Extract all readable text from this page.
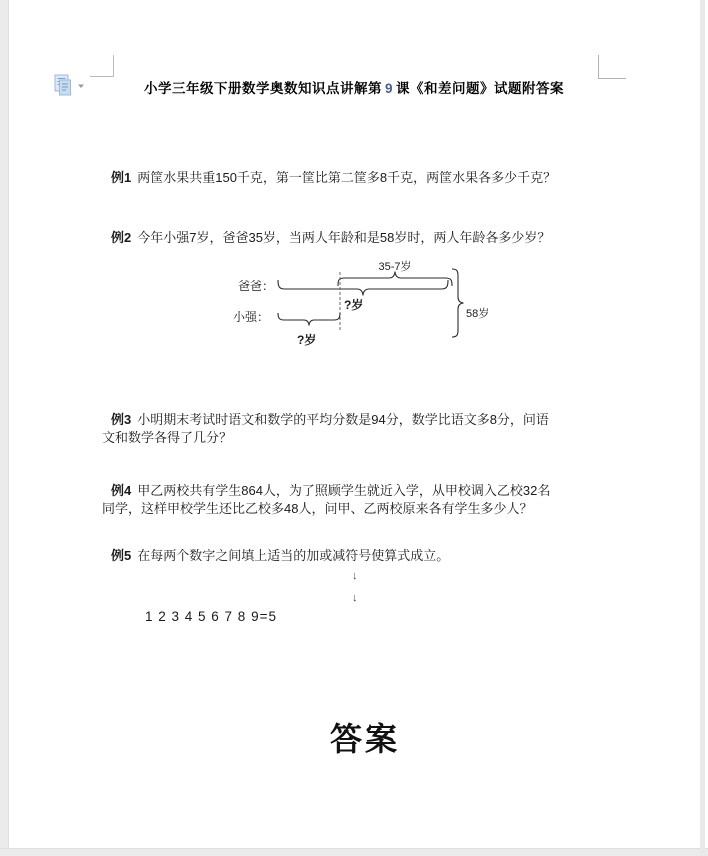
小学三年级下册数学奥数知识点讲解第 9 课《和差问题》试题附答案
例1 两筐水果共重150千克，第一筐比第二筐多8千克，两筐水果各多少千克？
例2 今年小强7岁，爸爸35岁，当两人年龄和是58岁时，两人年龄各多少岁？
35-7岁
爸爸：
小强：
?岁
?岁
58岁
例3 小明期末考试时语文和数学的平均分数是94分，数学比语文多8分，问语
文和数学各得了几分？
例4 甲乙两校共有学生864人，为了照顾学生就近入学，从甲校调入乙校32名
同学，这样甲校学生还比乙校多48人，问甲、乙两校原来各有学生多少人？
例5 在每两个数字之间填上适当的加或减符号使算式成立。
↓
↓
1 2 3 4 5 6 7 8 9=5
答案
